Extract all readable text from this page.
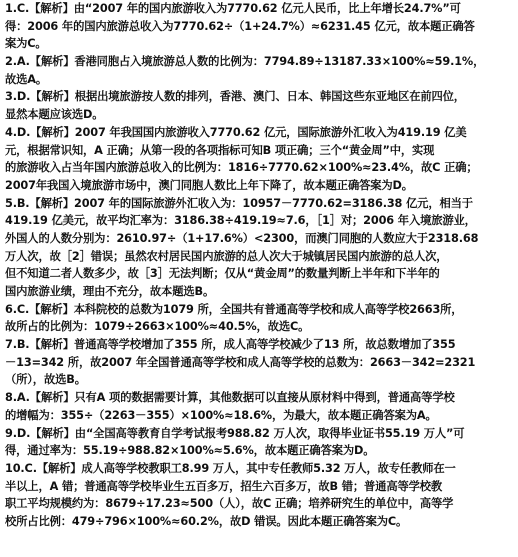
1.C.【解析】由“2007 年的国内旅游收入为7770.62 亿元人民币，比上年增长24.7%”可
得：2006 年的国内旅游总收入为7770.62÷（1+24.7%）≈6231.45 亿元，故本题正确答
案为C。
2.A.【解析】香港同胞占入境旅游总人数的比例为：7794.89÷13187.33×100%≈59.1%，
故选A。
3.D.【解析】根据出境旅游按人数的排列，香港、澳门、日本、韩国这些东亚地区在前四位，
显然本题应该选D。
4.D.【解析】2007 年我国国内旅游收入7770.62 亿元，国际旅游外汇收入为419.19 亿美
元，根据常识知，A 正确；从第一段的各项指标可知B 项正确；三个“黄金周”中，实现
的旅游收入占当年国内旅游总收入的比例为：1816÷7770.62×100%≈23.4%，故C 正确；
2007年我国入境旅游市场中，澳门同胞人数比上年下降了，故本题正确答案为D。
5.B.【解析】2007 年的国际旅游外汇收入为：10957－7770.62=3186.38 亿元，相当于
419.19 亿美元，故平均汇率为：3186.38÷419.19≈7.6，［1］对；2006 年入境旅游业，
外国人的人数分别为：2610.97÷（1+17.6%）<2300，而澳门同胞的人数应大于2318.68
万人次，故［2］错误；虽然农村居民国内旅游的总人次大于城镇居民国内旅游的总人次，
但不知道二者人数多少，故［3］无法判断；仅从“黄金周”的数量判断上半年和下半年的
国内旅游业绩，理由不充分，故本题选B。
6.C.【解析】本科院校的总数为1079 所，全国共有普通高等学校和成人高等学校2663所，
故所占的比例为：1079÷2663×100%≈40.5%，故选C。
7.B.【解析】普通高等学校增加了355 所，成人高等学校减少了13 所，故总数增加了355
－13=342 所，故2007 年全国普通高等学校和成人高等学校的总数为：2663－342=2321
（所），故选B。
8.A.【解析】只有A 项的数据需要计算，其他数据可以直接从原材料中得到，普通高等学校
的增幅为：355÷（2263－355）×100%≈18.6%，为最大，故本题正确答案为A。
9.D.【解析】由“全国高等教育自学考试报考988.82 万人次，取得毕业证书55.19 万人”可
得，通过率为：55.19÷988.82×100%≈5.6%，故本题正确答案为D。
10.C.【解析】成人高等学校教职工8.99 万人，其中专任教师5.32 万人，故专任教师在一
半以上，A 错；普通高等学校毕业生五百多万，招生六百多万，故B 错；普通高等学校教
职工平均规模约为：8679÷17.23≈500（人），故C 正确；培养研究生的单位中，高等学
校所占比例：479÷796×100%≈60.2%，故D 错误。因此本题正确答案为C。
